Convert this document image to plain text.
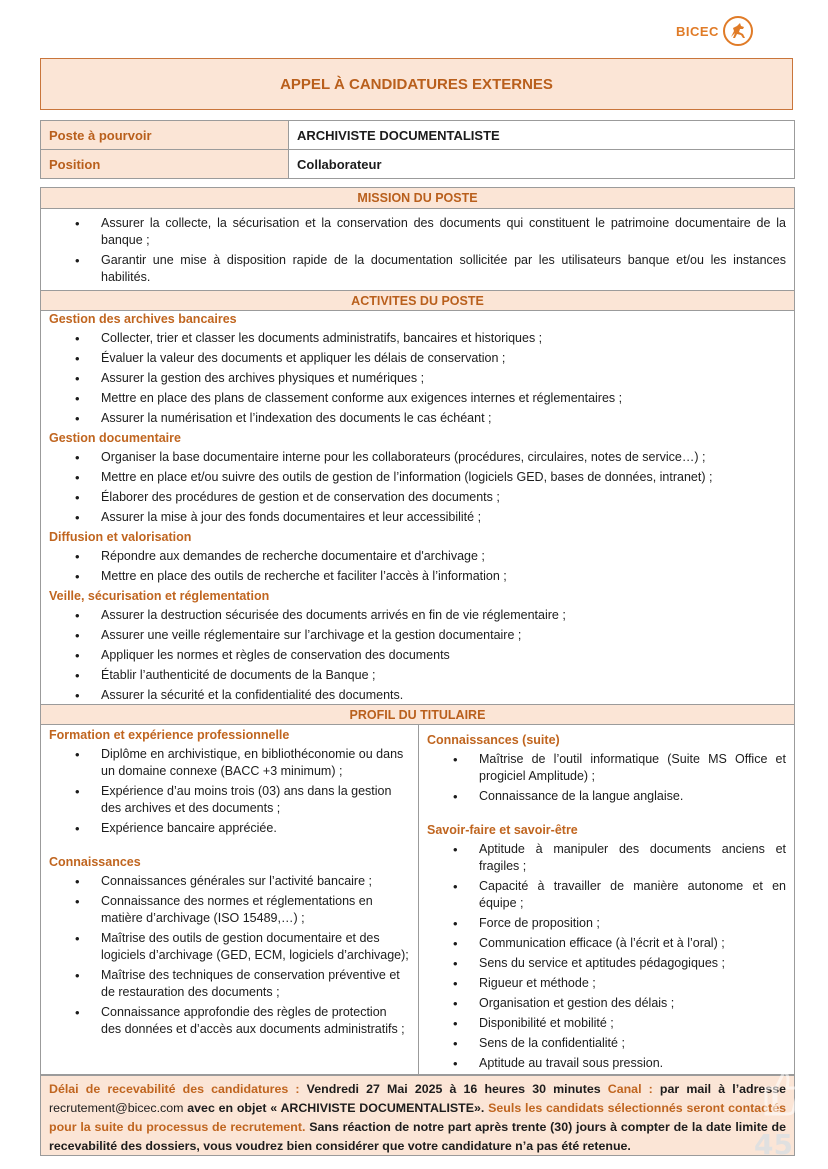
BICEC
APPEL À CANDIDATURES EXTERNES
Poste à pourvoir	ARCHIVISTE DOCUMENTALISTE
Position	Collaborateur
MISSION DU POSTE
• Assurer la collecte, la sécurisation et la conservation des documents qui constituent le patrimoine documentaire de la banque ;
• Garantir une mise à disposition rapide de la documentation sollicitée par les utilisateurs banque et/ou les instances habilités.
ACTIVITES DU POSTE
Gestion des archives bancaires
• Collecter, trier et classer les documents administratifs, bancaires et historiques ;
• Évaluer la valeur des documents et appliquer les délais de conservation ;
• Assurer la gestion des archives physiques et numériques ;
• Mettre en place des plans de classement conforme aux exigences internes et réglementaires ;
• Assurer la numérisation et l’indexation des documents le cas échéant ;
Gestion documentaire
• Organiser la base documentaire interne pour les collaborateurs (procédures, circulaires, notes de service…) ;
• Mettre en place et/ou suivre des outils de gestion de l’information (logiciels GED, bases de données, intranet) ;
• Élaborer des procédures de gestion et de conservation des documents ;
• Assurer la mise à jour des fonds documentaires et leur accessibilité ;
Diffusion et valorisation
• Répondre aux demandes de recherche documentaire et d'archivage ;
• Mettre en place des outils de recherche et faciliter l’accès à l’information ;
Veille, sécurisation et réglementation
• Assurer la destruction sécurisée des documents arrivés en fin de vie réglementaire ;
• Assurer une veille réglementaire sur l’archivage et la gestion documentaire ;
• Appliquer les normes et règles de conservation des documents
• Établir l’authenticité de documents de la Banque ;
• Assurer la sécurité et la confidentialité des documents.
PROFIL DU TITULAIRE
Formation et expérience professionnelle
• Diplôme en archivistique, en bibliothéconomie ou dans un domaine connexe (BACC +3 minimum) ;
• Expérience d’au moins trois (03) ans dans la gestion des archives et des documents ;
• Expérience bancaire appréciée.
Connaissances
• Connaissances générales sur l’activité bancaire ;
• Connaissance des normes et réglementations en matière d’archivage (ISO 15489,…) ;
• Maîtrise des outils de gestion documentaire et des logiciels d’archivage (GED, ECM, logiciels d’archivage);
• Maîtrise des techniques de conservation préventive et de restauration des documents ;
• Connaissance approfondie des règles de protection des données et d’accès aux documents administratifs ;
Connaissances (suite)
• Maîtrise de l’outil informatique (Suite MS Office et progiciel Amplitude) ;
• Connaissance de la langue anglaise.
Savoir-faire et savoir-être
• Aptitude à manipuler des documents anciens et fragiles ;
• Capacité à travailler de manière autonome et en équipe ;
• Force de proposition ;
• Communication efficace (à l’écrit et à l’oral) ;
• Sens du service et aptitudes pédagogiques ;
• Rigueur et méthode ;
• Organisation et gestion des délais ;
• Disponibilité et mobilité ;
• Sens de la confidentialité ;
• Aptitude au travail sous pression.
Délai de recevabilité des candidatures : Vendredi 27 Mai 2025 à 16 heures 30 minutes Canal : par mail à l’adresse recrutement@bicec.com avec en objet « ARCHIVISTE DOCUMENTALISTE». Seuls les candidats sélectionnés seront contactés pour la suite du processus de recrutement. Sans réaction de notre part après trente (30) jours à compter de la date limite de recevabilité des dossiers, vous voudrez bien considérer que votre candidature n’a pas été retenue.	45
